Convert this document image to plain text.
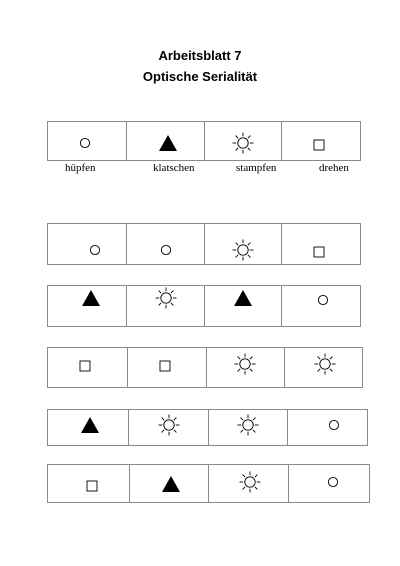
Arbeitsblatt 7
Optische Serialität
hüpfen	klatschen	stampfen	drehen
